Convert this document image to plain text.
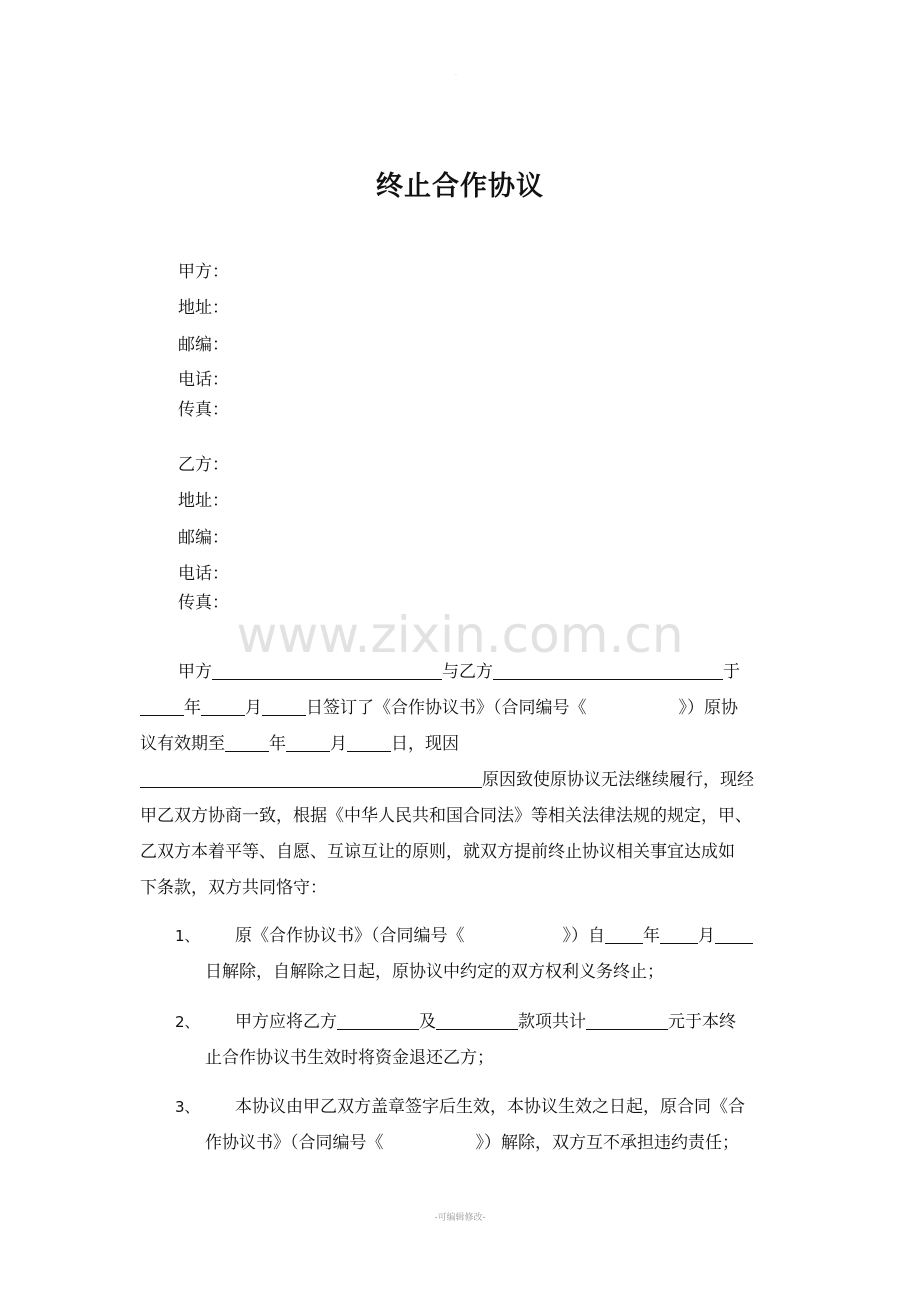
·
终止合作协议
甲方：
地址：
邮编：
电话：
传真：
乙方：
地址：
邮编：
电话：
传真：
www.zixin.com.cn
甲方	与乙方	于
年	月	日签订了《合作协议书》（合同编号《	》）原协
议有效期至	年	月	日，现因
原因致使原协议无法继续履行，现经
甲乙双方协商一致，根据《中华人民共和国合同法》等相关法律法规的规定，甲、
乙双方本着平等、自愿、互谅互让的原则，就双方提前终止协议相关事宜达成如
下条款，双方共同恪守：
1、 原《合作协议书》（合同编号《	》）自 年 月
日解除，自解除之日起，原协议中约定的双方权利义务终止；
2、 甲方应将乙方	及	款项共计	元于本终
止合作协议书生效时将资金退还乙方；
3、 本协议由甲乙双方盖章签字后生效，本协议生效之日起，原合同《合
作协议书》（合同编号《	》）解除，双方互不承担违约责任；
-可编辑修改-
